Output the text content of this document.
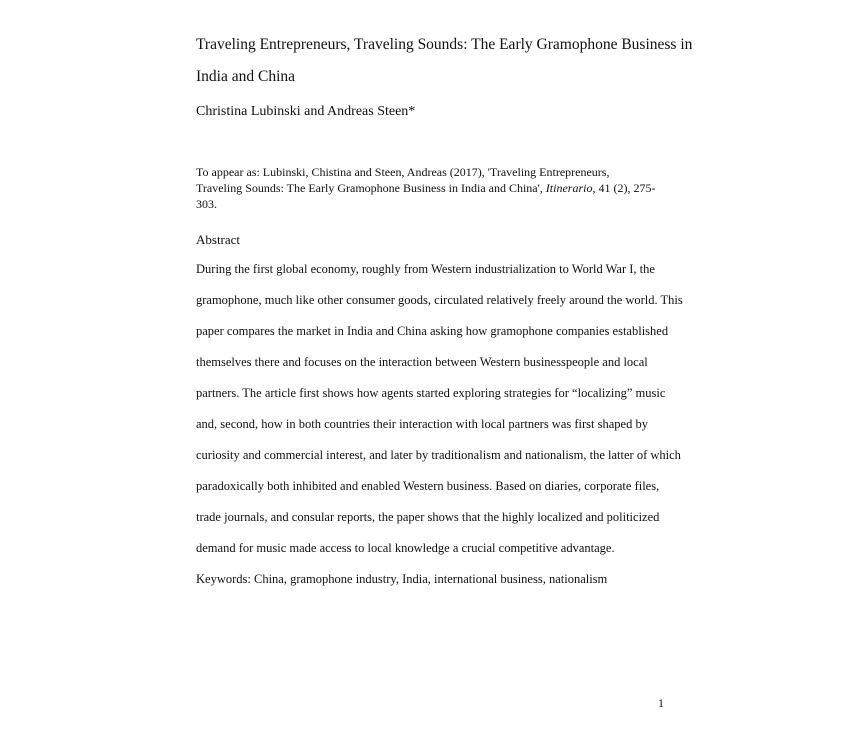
Traveling Entrepreneurs, Traveling Sounds: The Early Gramophone Business in
India and China
Christina Lubinski and Andreas Steen*
To appear as: Lubinski, Chistina and Steen, Andreas (2017), 'Traveling Entrepreneurs,
Traveling Sounds: The Early Gramophone Business in India and China', Itinerario, 41 (2), 275-
303.
Abstract
During the first global economy, roughly from Western industrialization to World War I, the
gramophone, much like other consumer goods, circulated relatively freely around the world. This
paper compares the market in India and China asking how gramophone companies established
themselves there and focuses on the interaction between Western businesspeople and local
partners. The article first shows how agents started exploring strategies for “localizing” music
and, second, how in both countries their interaction with local partners was first shaped by
curiosity and commercial interest, and later by traditionalism and nationalism, the latter of which
paradoxically both inhibited and enabled Western business. Based on diaries, corporate files,
trade journals, and consular reports, the paper shows that the highly localized and politicized
demand for music made access to local knowledge a crucial competitive advantage.
Keywords: China, gramophone industry, India, international business, nationalism
1
